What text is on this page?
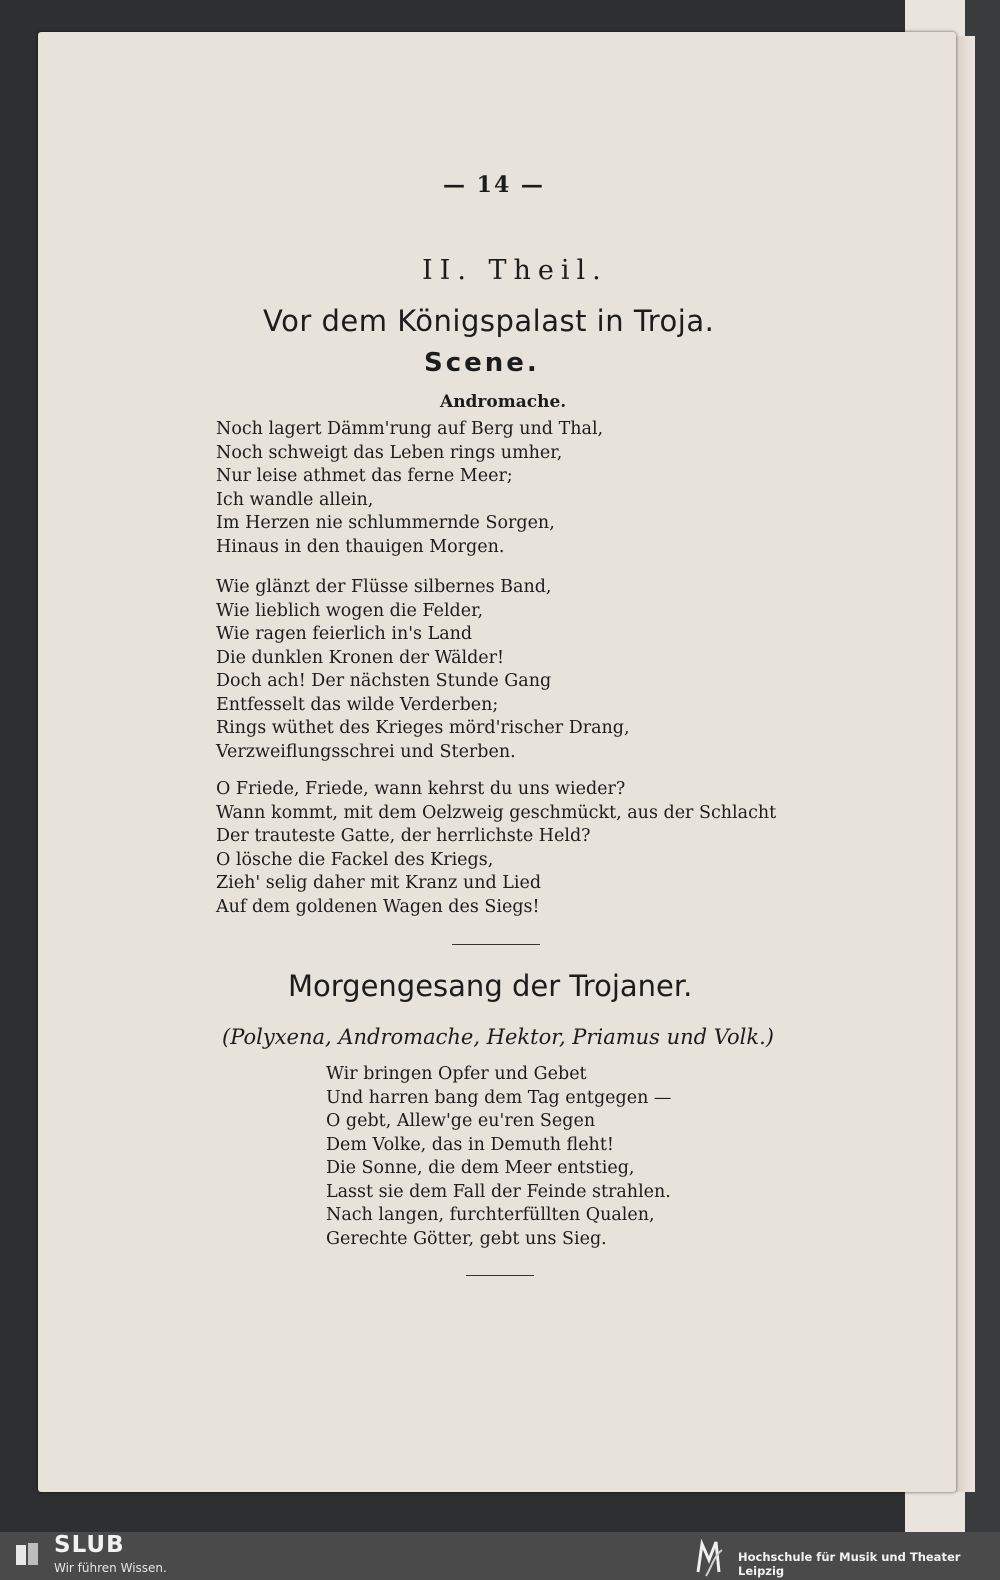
— 14 —
II. Theil.
Vor dem Königspalast in Troja.
Scene.
Andromache.
Noch lagert Dämm'rung auf Berg und Thal,
Noch schweigt das Leben rings umher,
Nur leise athmet das ferne Meer;
Ich wandle allein,
Im Herzen nie schlummernde Sorgen,
Hinaus in den thauigen Morgen.
Wie glänzt der Flüsse silbernes Band,
Wie lieblich wogen die Felder,
Wie ragen feierlich in's Land
Die dunklen Kronen der Wälder!
Doch ach! Der nächsten Stunde Gang
Entfesselt das wilde Verderben;
Rings wüthet des Krieges mörd'rischer Drang,
Verzweiflungsschrei und Sterben.
O Friede, Friede, wann kehrst du uns wieder?
Wann kommt, mit dem Oelzweig geschmückt, aus der Schlacht
Der trauteste Gatte, der herrlichste Held?
O lösche die Fackel des Kriegs,
Zieh' selig daher mit Kranz und Lied
Auf dem goldenen Wagen des Siegs!
Morgengesang der Trojaner.
(Polyxena, Andromache, Hektor, Priamus und Volk.)
Wir bringen Opfer und Gebet
Und harren bang dem Tag entgegen —
O gebt, Allew'ge eu'ren Segen
Dem Volke, das in Demuth fleht!
Die Sonne, die dem Meer entstieg,
Lasst sie dem Fall der Feinde strahlen.
Nach langen, furchterfüllten Qualen,
Gerechte Götter, gebt uns Sieg.
SLUB
Wir führen Wissen.
Hochschule für Musik und Theater Leipzig
